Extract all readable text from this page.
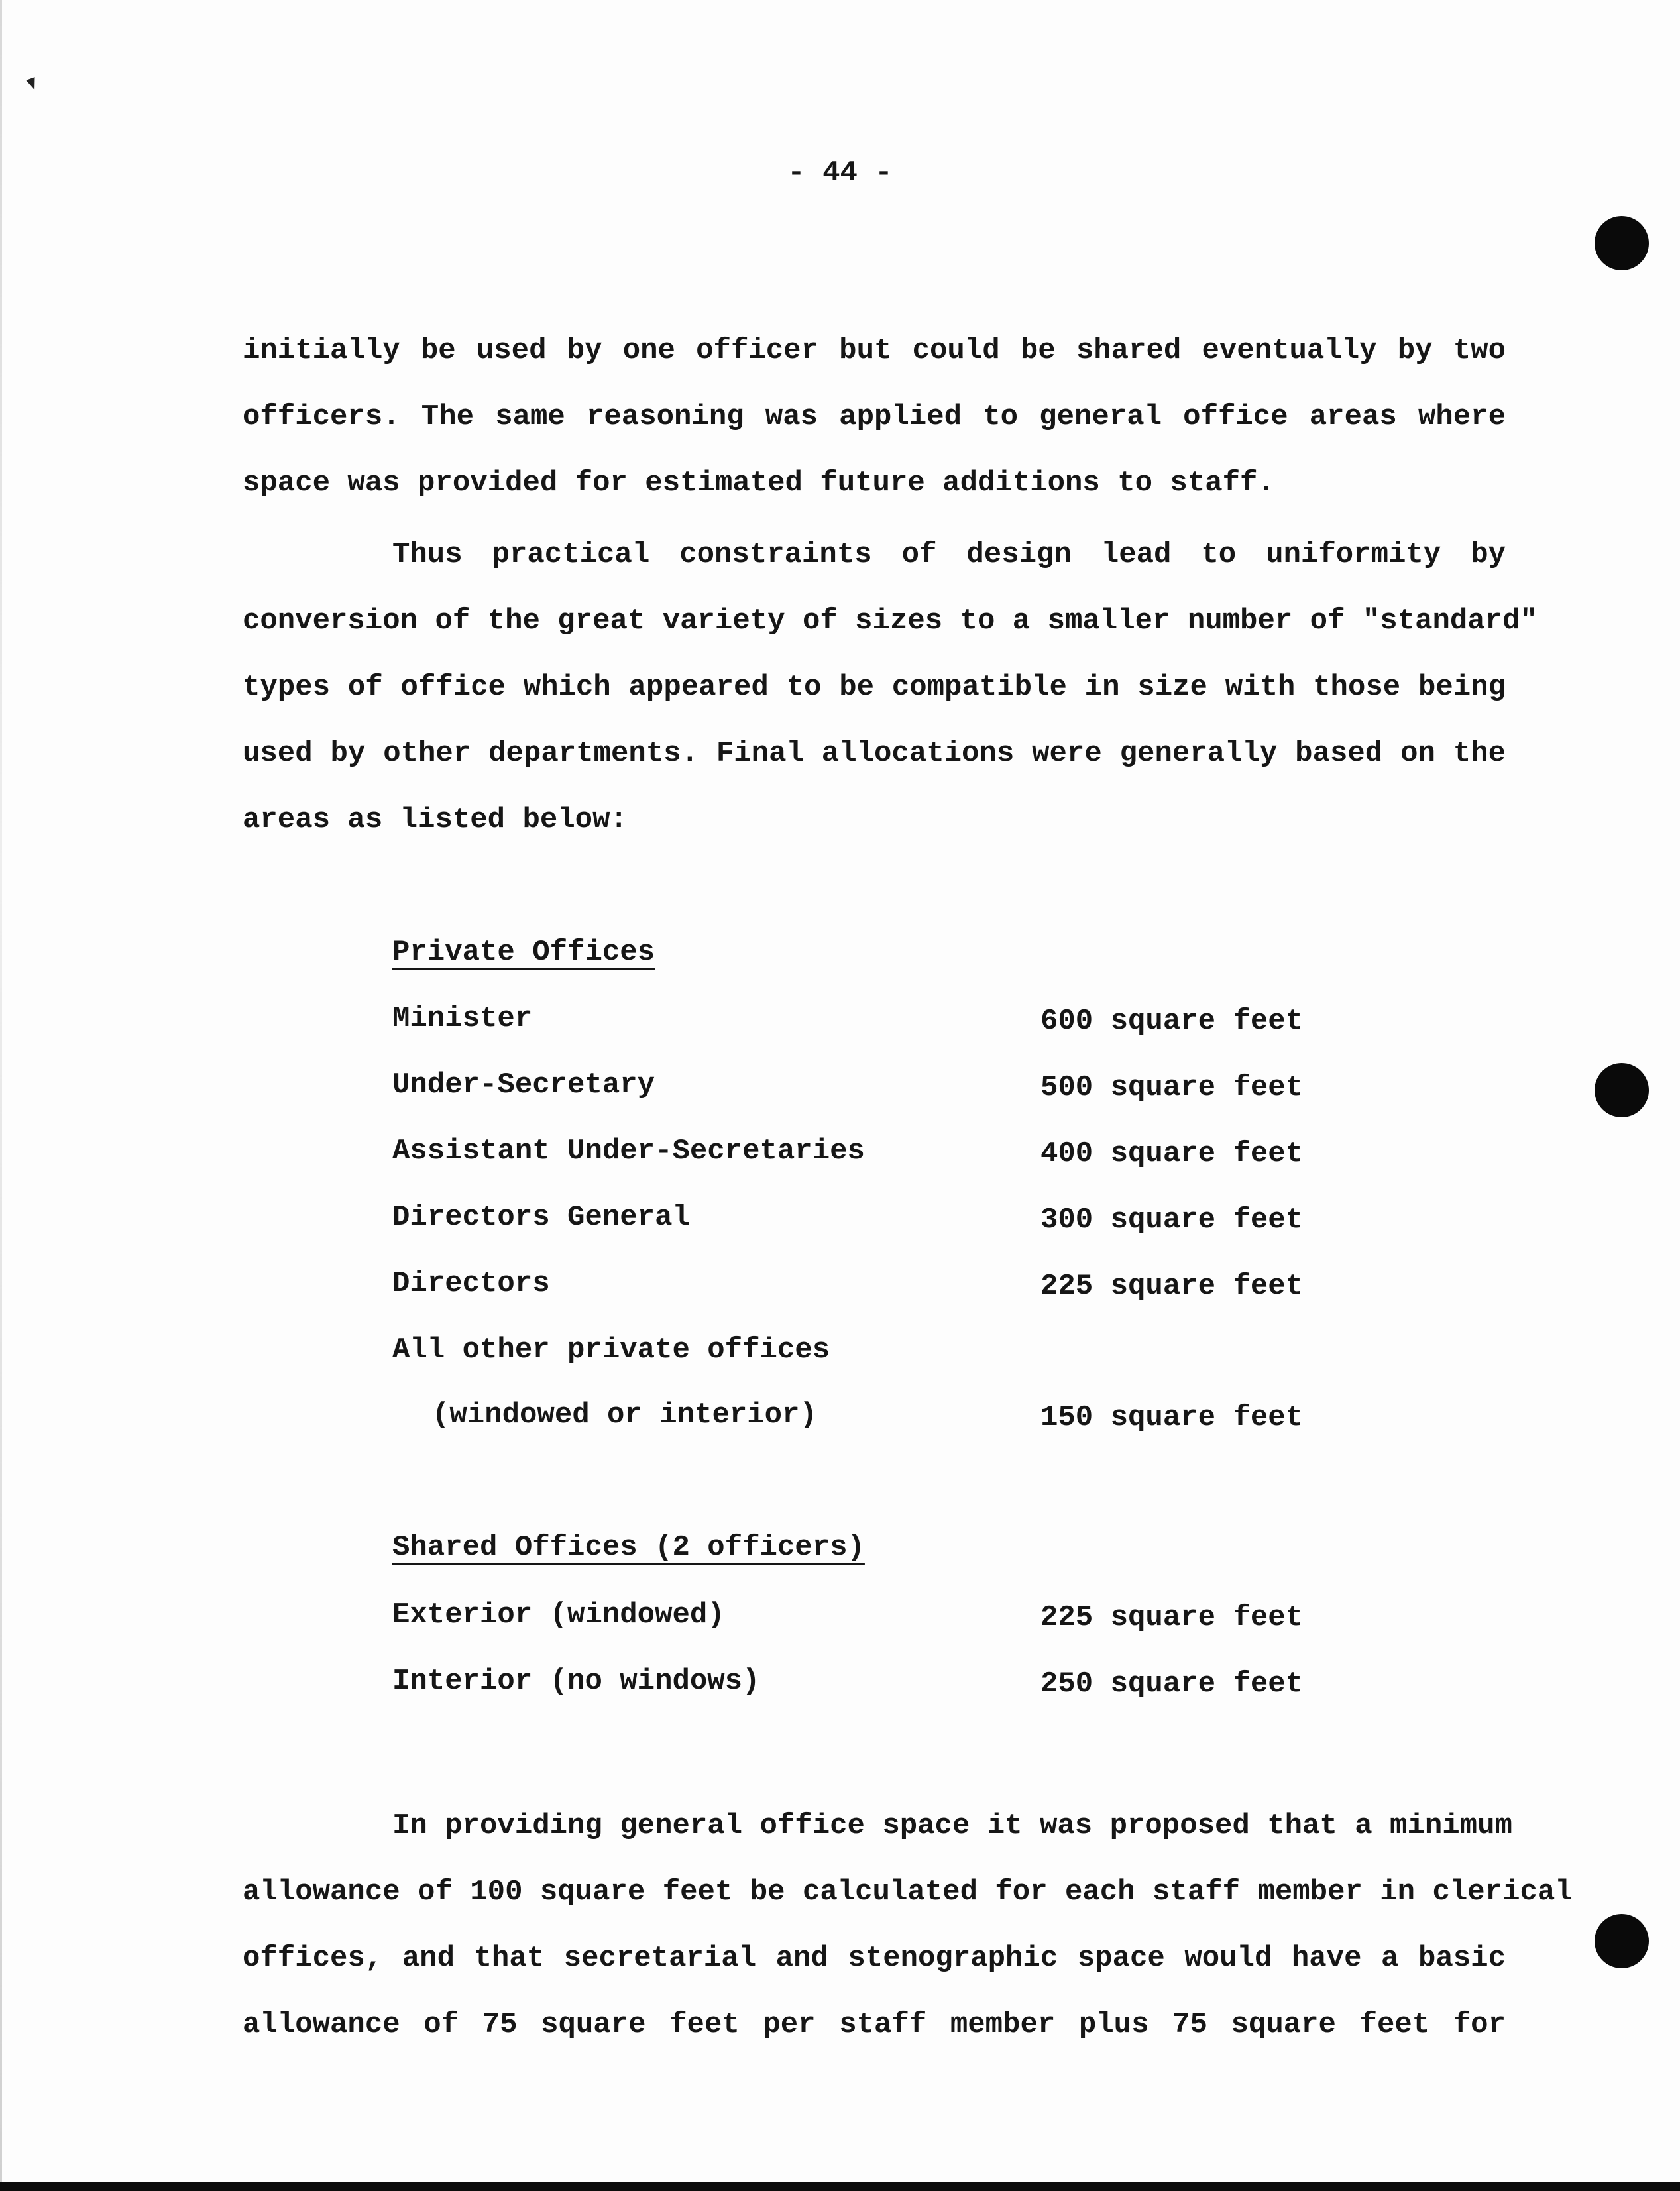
- 44 -
initially be used by one officer but could be shared eventually by two
officers. The same reasoning was applied to general office areas where
space was provided for estimated future additions to staff.
Thus practical constraints of design lead to uniformity by
conversion of the great variety of sizes to a smaller number of "standard"
types of office which appeared to be compatible in size with those being
used by other departments. Final allocations were generally based on the
areas as listed below:
Private Offices
Minister	600 square feet
Under-Secretary	500 square feet
Assistant Under-Secretaries	400 square feet
Directors General	300 square feet
Directors	225 square feet
All other private offices
(windowed or interior)	150 square feet
Shared Offices (2 officers)
Exterior (windowed)	225 square feet
Interior (no windows)	250 square feet
In providing general office space it was proposed that a minimum
allowance of 100 square feet be calculated for each staff member in clerical
offices, and that secretarial and stenographic space would have a basic
allowance of 75 square feet per staff member plus 75 square feet for
